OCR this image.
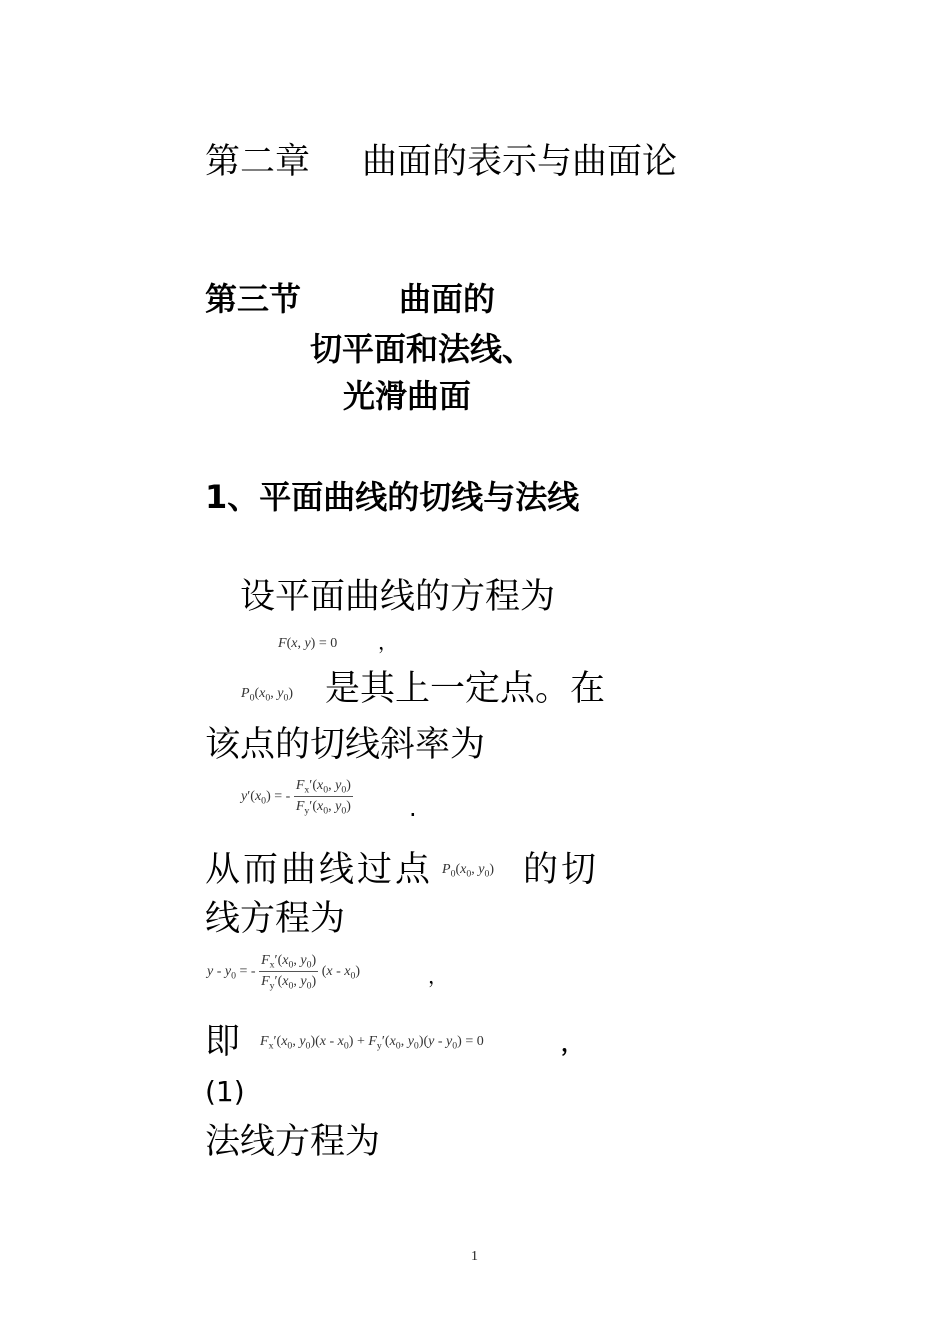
第二章 曲面的表示与曲面论
第三节	曲面的
切平面和法线、
光滑曲面
1、平面曲线的切线与法线
设平面曲线的方程为
F(x, y) = 0 ，
$P_0(x_0$, $y_0$) 是其上一定点。在
该点的切线斜率为
$y'(x_0)$ = - $\frac{F_x'(x_0, y_0)}{F_y'(x_0, y_0)}$ .
从而曲线过点 $P_0(x_0$, $y_0$) 的切
线方程为
y - $y_0$ = - $\frac{F_x'(x_0, y_0)}{F_y'(x_0, y_0)} (x - x_0)$	，
即 $F_x'(x_0$, $y_0)(x - x_0) + F_y'(x_0$, $y_0)(y - y_0) = 0$	，
(1)
法线方程为
1
